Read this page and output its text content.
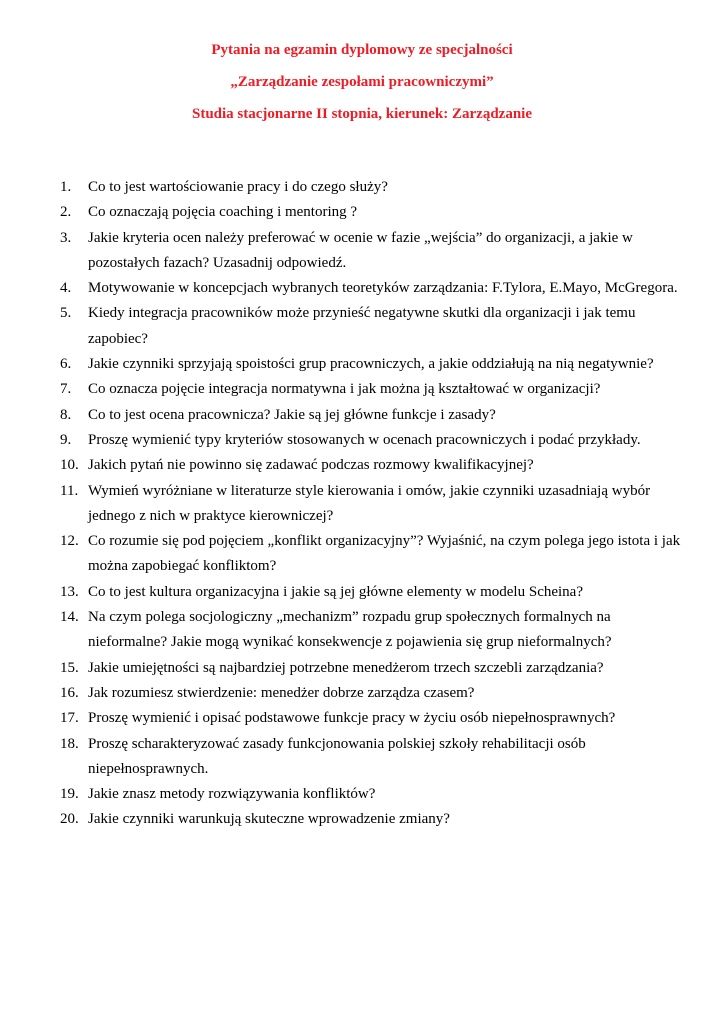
Pytania na egzamin dyplomowy ze specjalności
„Zarządzanie zespołami pracowniczymi”
Studia stacjonarne II stopnia, kierunek: Zarządzanie
1.	Co to jest wartościowanie pracy i do czego służy?
2.	Co oznaczają pojęcia coaching i mentoring ?
3.	Jakie kryteria ocen należy preferować w ocenie w fazie „wejścia” do organizacji, a jakie w pozostałych fazach? Uzasadnij odpowiedź.
4.	Motywowanie w koncepcjach wybranych teoretyków zarządzania: F.Tylora, E.Mayo, McGregora.
5.	Kiedy integracja pracowników może przynieść negatywne skutki dla organizacji i jak temu zapobiec?
6.	Jakie czynniki sprzyjają spoistości grup pracowniczych, a jakie oddziałują na nią negatywnie?
7.	Co oznacza pojęcie integracja normatywna i jak można ją kształtować w organizacji?
8.	Co to jest ocena pracownicza? Jakie są jej główne funkcje i zasady?
9.	Proszę wymienić typy kryteriów stosowanych w ocenach pracowniczych i podać przykłady.
10. Jakich pytań nie powinno się zadawać podczas rozmowy kwalifikacyjnej?
11. Wymień wyróżniane w literaturze style kierowania i omów, jakie czynniki uzasadniają wybór jednego z nich w praktyce kierowniczej?
12. Co rozumie się pod pojęciem „konflikt organizacyjny”? Wyjaśnić, na czym polega jego istota i jak można zapobiegać konfliktom?
13. Co to jest kultura organizacyjna i jakie są jej główne elementy w modelu Scheina?
14. Na czym polega socjologiczny „mechanizm” rozpadu grup społecznych formalnych na nieformalne? Jakie mogą wynikać konsekwencje z pojawienia się grup nieformalnych?
15. Jakie umiejętności są najbardziej potrzebne menedżerom trzech szczebli zarządzania?
16. Jak rozumiesz stwierdzenie: menedżer dobrze zarządza czasem?
17. Proszę wymienić i opisać podstawowe funkcje pracy w życiu osób niepełnosprawnych?
18. Proszę scharakteryzować zasady funkcjonowania polskiej szkoły rehabilitacji osób niepełnosprawnych.
19. Jakie znasz metody rozwiązywania konfliktów?
20. Jakie czynniki warunkują skuteczne wprowadzenie zmiany?
